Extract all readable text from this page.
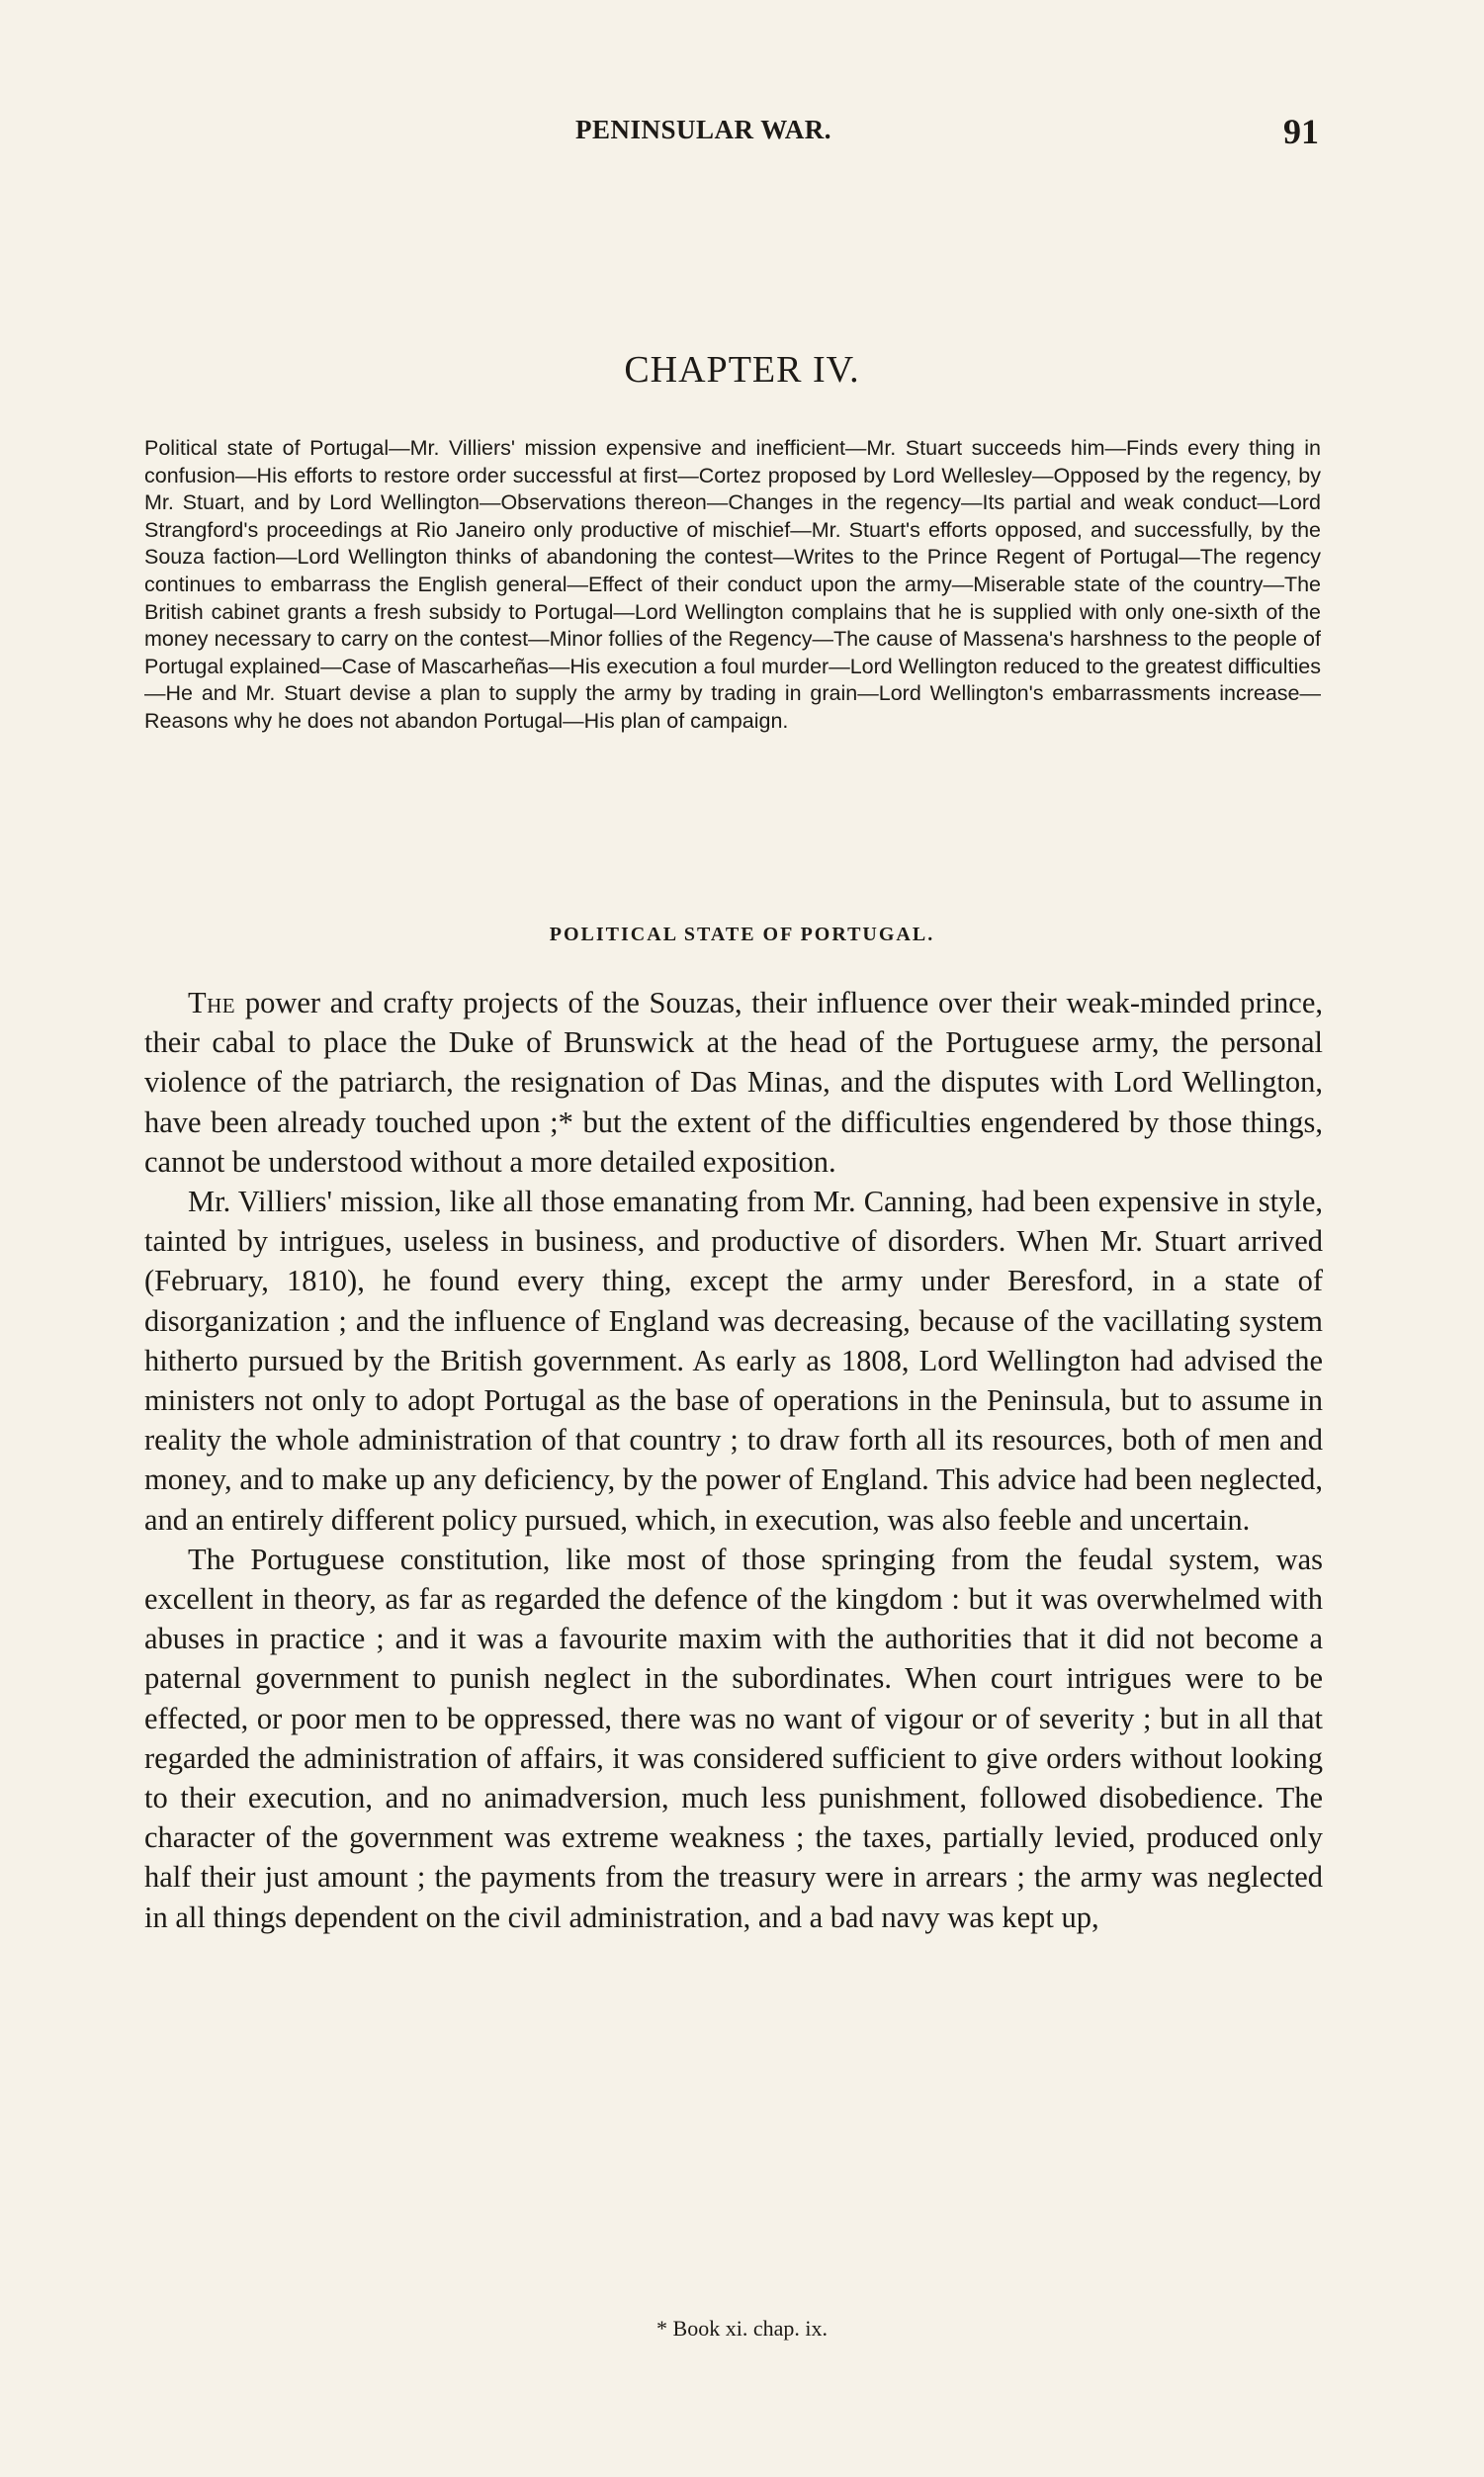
PENINSULAR WAR.	91
CHAPTER IV.
Political state of Portugal—Mr. Villiers' mission expensive and inefficient—Mr. Stuart succeeds him—Finds every thing in confusion—His efforts to restore order successful at first—Cortez proposed by Lord Wellesley—Opposed by the regency, by Mr. Stuart, and by Lord Wellington—Observations thereon—Changes in the regency—Its partial and weak conduct—Lord Strangford's proceedings at Rio Janeiro only productive of mischief—Mr. Stuart's efforts opposed, and successfully, by the Souza faction—Lord Wellington thinks of abandoning the contest—Writes to the Prince Regent of Portugal—The regency continues to embarrass the English general—Effect of their conduct upon the army—Miserable state of the country—The British cabinet grants a fresh subsidy to Portugal—Lord Wellington complains that he is supplied with only one-sixth of the money necessary to carry on the contest—Minor follies of the Regency—The cause of Massena's harshness to the people of Portugal explained—Case of Mascarheñas—His execution a foul murder—Lord Wellington reduced to the greatest difficulties—He and Mr. Stuart devise a plan to supply the army by trading in grain—Lord Wellington's embarrassments increase—Reasons why he does not abandon Portugal—His plan of campaign.
POLITICAL STATE OF PORTUGAL.

The power and crafty projects of the Souzas, their influence over their weak-minded prince, their cabal to place the Duke of Brunswick at the head of the Portuguese army, the personal violence of the patriarch, the resignation of Das Minas, and the disputes with Lord Wellington, have been already touched upon ;* but the extent of the difficulties engendered by those things, cannot be understood without a more detailed exposition.

Mr. Villiers' mission, like all those emanating from Mr. Canning, had been expensive in style, tainted by intrigues, useless in business, and productive of disorders. When Mr. Stuart arrived (February, 1810), he found every thing, except the army under Beresford, in a state of disorganization ; and the influence of England was decreasing, because of the vacillating system hitherto pursued by the British government. As early as 1808, Lord Wellington had advised the ministers not only to adopt Portugal as the base of operations in the Peninsula, but to assume in reality the whole administration of that country ; to draw forth all its resources, both of men and money, and to make up any deficiency, by the power of England. This advice had been neglected, and an entirely different policy pursued, which, in execution, was also feeble and uncertain.

The Portuguese constitution, like most of those springing from the feudal system, was excellent in theory, as far as regarded the defence of the kingdom : but it was overwhelmed with abuses in practice ; and it was a favourite maxim with the authorities that it did not become a paternal government to punish neglect in the subordinates. When court intrigues were to be effected, or poor men to be oppressed, there was no want of vigour or of severity ; but in all that regarded the administration of affairs, it was considered sufficient to give orders without looking to their execution, and no animadversion, much less punishment, followed disobedience. The character of the government was extreme weakness ; the taxes, partially levied, produced only half their just amount ; the payments from the treasury were in arrears ; the army was neglected in all things dependent on the civil administration, and a bad navy was kept up,

* Book xi. chap. ix.
